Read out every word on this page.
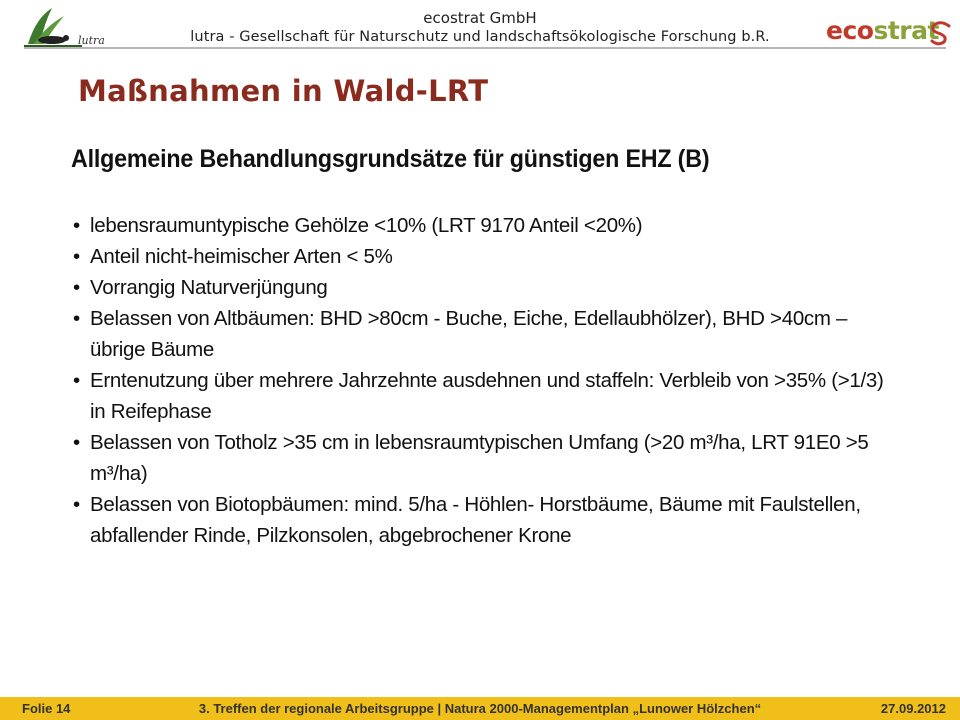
lutra
ecostrat GmbH
lutra - Gesellschaft für Naturschutz und landschaftsökologische Forschung b.R.	ecostrat
Maßnahmen in Wald-LRT
Allgemeine Behandlungsgrundsätze für günstigen EHZ (B)
• lebensraumuntypische Gehölze <10% (LRT 9170 Anteil <20%)
• Anteil nicht-heimischer Arten < 5%
• Vorrangig Naturverjüngung
• Belassen von Altbäumen: BHD >80cm - Buche, Eiche, Edellaubhölzer), BHD >40cm – übrige Bäume
• Erntenutzung über mehrere Jahrzehnte ausdehnen und staffeln: Verbleib von >35% (>1/3) in Reifephase
• Belassen von Totholz >35 cm in lebensraumtypischen Umfang (>20 m³/ha, LRT 91E0 >5 m³/ha)
• Belassen von Biotopbäumen: mind. 5/ha - Höhlen- Horstbäume, Bäume mit Faulstellen, abfallender Rinde, Pilzkonsolen, abgebrochener Krone
Folie 14	3. Treffen der regionale Arbeitsgruppe | Natura 2000-Managementplan „Lunower Hölzchen“	27.09.2012
